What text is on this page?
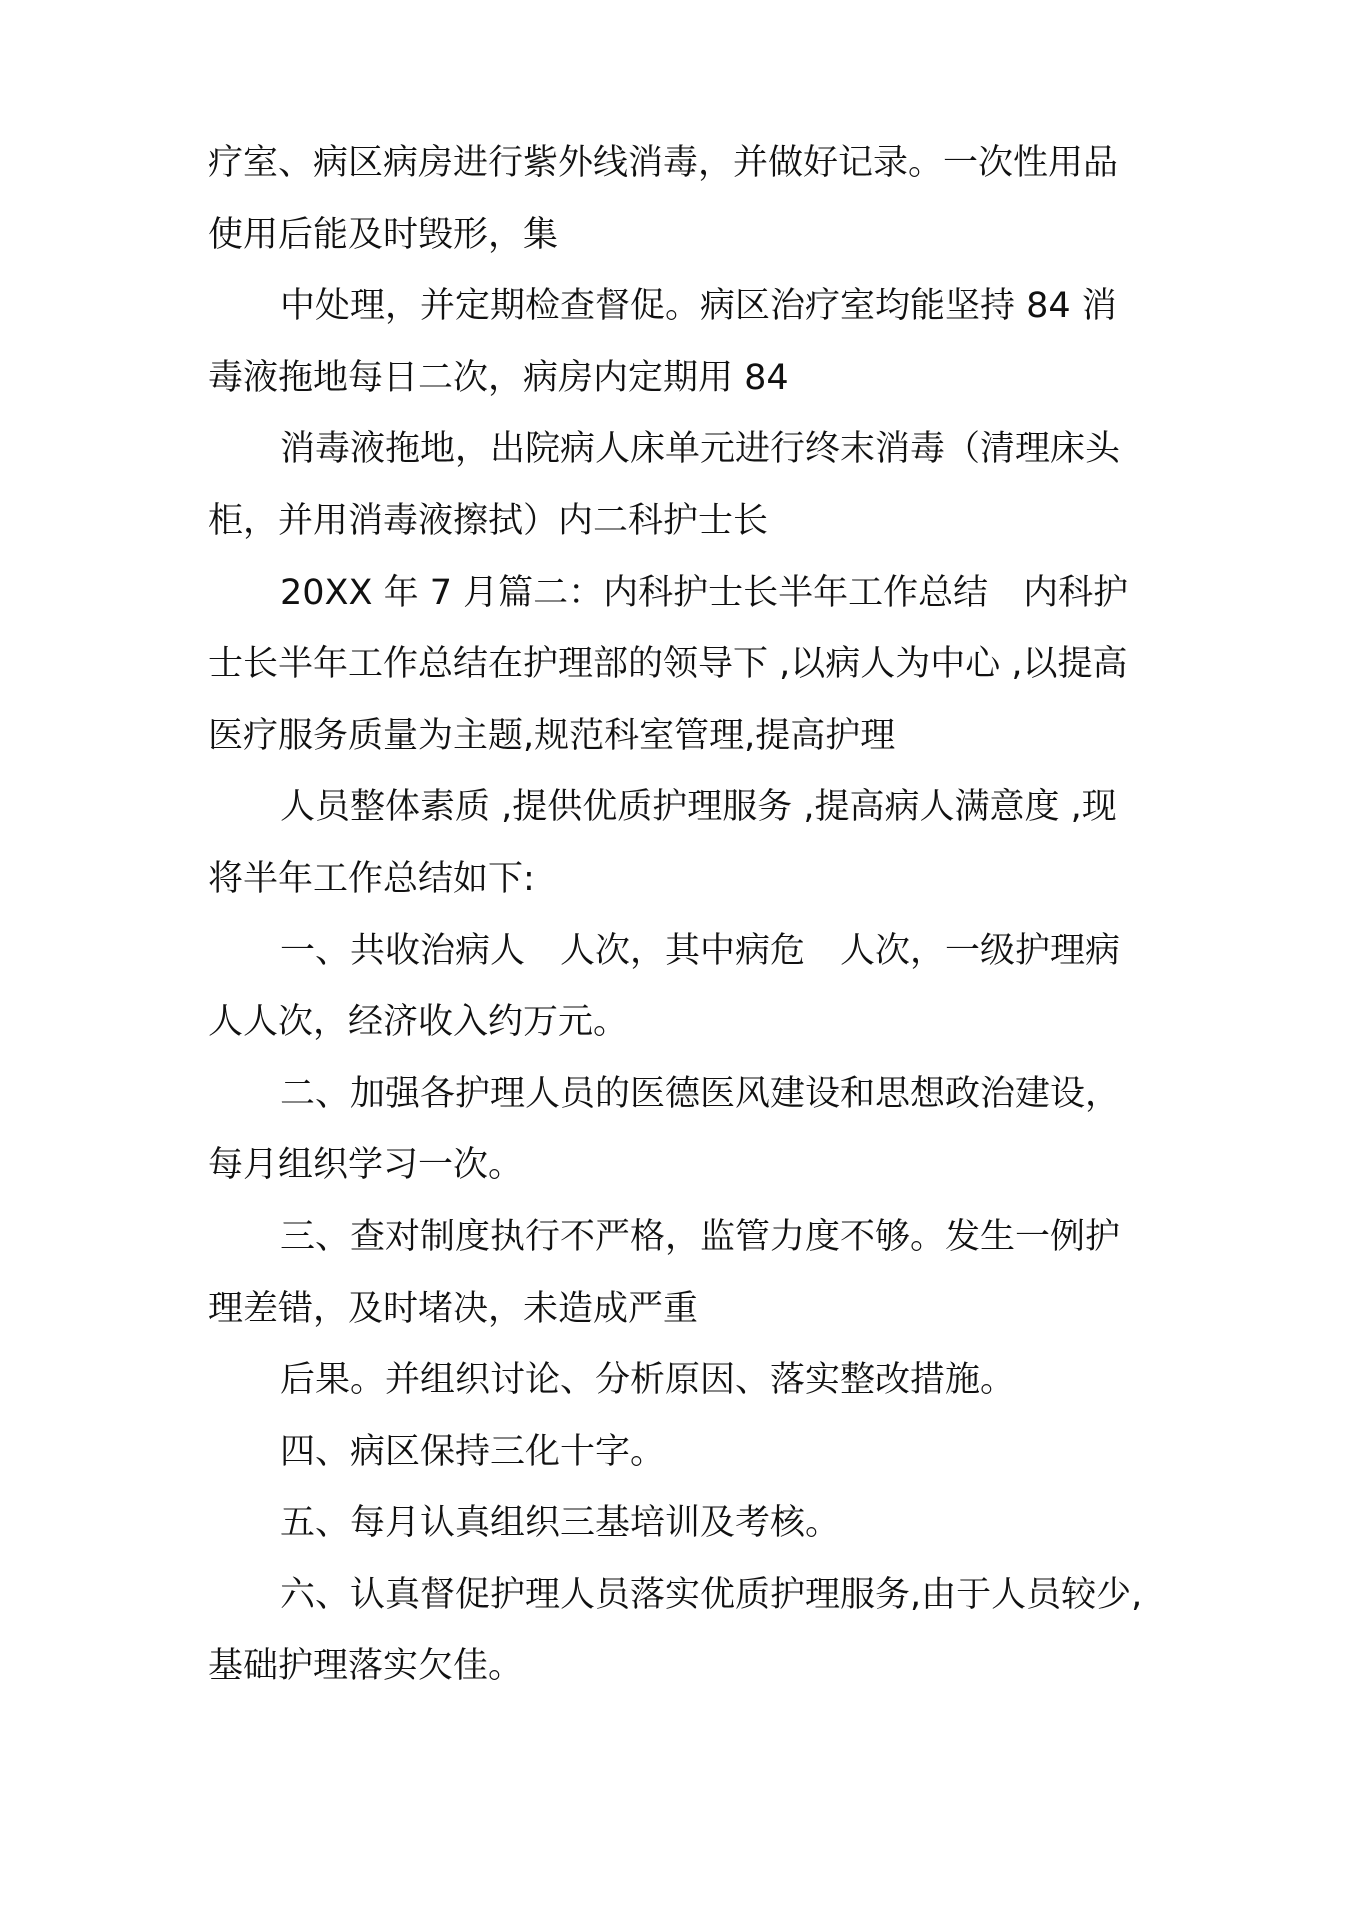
疗室、病区病房进行紫外线消毒，并做好记录。一次性用品
使用后能及时毁形，集
中处理，并定期检查督促。病区治疗室均能坚持 84 消
毒液拖地每日二次，病房内定期用 84
消毒液拖地，出院病人床单元进行终末消毒（清理床头
柜，并用消毒液擦拭）内二科护士长
20XX 年 7 月篇二：内科护士长半年工作总结　内科护
士长半年工作总结在护理部的领导下 ,以病人为中心 ,以提高
医疗服务质量为主题,规范科室管理,提高护理
人员整体素质 ,提供优质护理服务 ,提高病人满意度 ,现
将半年工作总结如下:
一、共收治病人　人次，其中病危　人次，一级护理病
人人次，经济收入约万元。
二、加强各护理人员的医德医风建设和思想政治建设，
每月组织学习一次。
三、查对制度执行不严格，监管力度不够。发生一例护
理差错，及时堵决，未造成严重
后果。并组织讨论、分析原因、落实整改措施。
四、病区保持三化十字。
五、每月认真组织三基培训及考核。
六、认真督促护理人员落实优质护理服务,由于人员较少,
基础护理落实欠佳。
